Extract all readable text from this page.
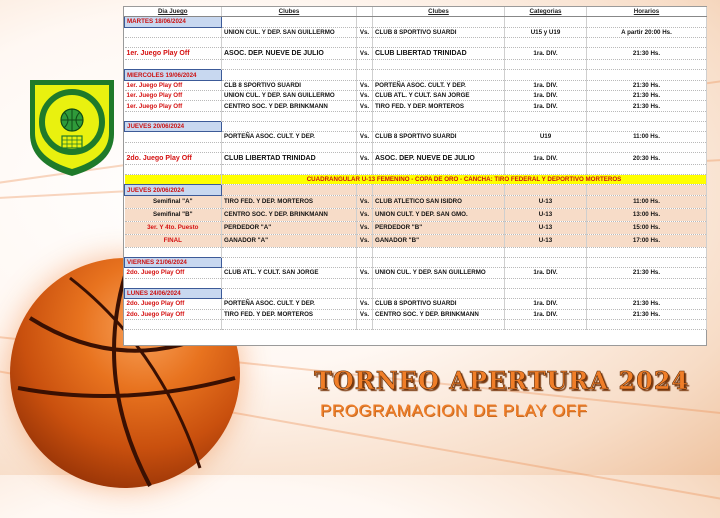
Dia Juego	Clubes		Clubes	Categorias	Horarios
MARTES 18/06/2024					
	UNION CUL. Y DEP. SAN GUILLERMO	Vs.	CLUB 8 SPORTIVO SUARDI	U15 y U19	A partir 20:00 Hs.

1er. Juego Play Off	ASOC. DEP. NUEVE DE JULIO	Vs.	CLUB LIBERTAD TRINIDAD	1ra. DIV.	21:30 Hs.

MIERCOLES 19/06/2024					
1er. Juego Play Off	CLB 8 SPORTIVO SUARDI	Vs.	PORTEÑA ASOC. CULT. Y DEP.	1ra. DIV.	21:30 Hs.
1er. Juego Play Off	UNION CUL. Y DEP. SAN GUILLERMO	Vs.	CLUB ATL. Y CULT. SAN JORGE	1ra. DIV.	21:30 Hs.
1er. Juego Play Off	CENTRO SOC. Y DEP. BRINKMANN	Vs.	TIRO FED. Y DEP. MORTEROS	1ra. DIV.	21:30 Hs.

JUEVES 20/06/2024					
	PORTEÑA ASOC. CULT. Y DEP.	Vs.	CLUB 8 SPORTIVO SUARDI	U19	11:00 Hs.

2do. Juego Play Off	CLUB LIBERTAD TRINIDAD	Vs.	ASOC. DEP. NUEVE DE JULIO	1ra. DIV.	20:30 Hs.

	CUADRANGULAR U-13 FEMENINO - COPA DE ORO - CANCHA: TIRO FEDERAL Y DEPORTIVO MORTEROS				
JUEVES 20/06/2024					
Semifinal "A"	TIRO FED. Y DEP. MORTEROS	Vs.	CLUB ATLETICO SAN ISIDRO	U-13	11:00 Hs.
Semifinal "B"	CENTRO SOC. Y DEP. BRINKMANN	Vs.	UNION CULT. Y DEP. SAN GMO.	U-13	13:00 Hs.
3er. Y 4to. Puesto	PERDEDOR "A"	Vs.	PERDEDOR "B"	U-13	15:00 Hs.
FINAL	GANADOR "A"	Vs.	GANADOR "B"	U-13	17:00 Hs.

VIERNES 21/06/2024					
2do. Juego Play Off	CLUB ATL. Y CULT. SAN JORGE	Vs.	UNION CUL. Y DEP. SAN GUILLERMO	1ra. DIV.	21:30 Hs.

LUNES 24/06/2024					
2do. Juego Play Off	PORTEÑA ASOC. CULT. Y DEP.	Vs.	CLUB 8 SPORTIVO SUARDI	1ra. DIV.	21:30 Hs.
2do. Juego Play Off	TIRO FED. Y DEP. MORTEROS	Vs.	CENTRO SOC. Y DEP. BRINKMANN	1ra. DIV.	21:30 Hs.

TORNEO APERTURA 2024
PROGRAMACION DE PLAY OFF
